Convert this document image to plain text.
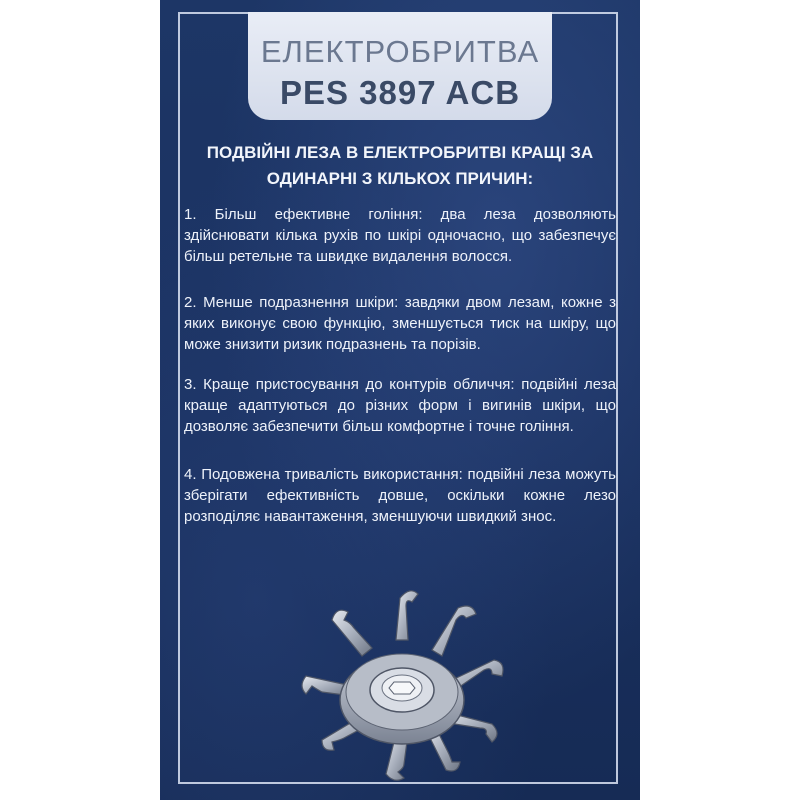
ЕЛЕКТРОБРИТВА
PES 3897 ACB
ПОДВІЙНІ ЛЕЗА В ЕЛЕКТРОБРИТВІ КРАЩІ ЗА ОДИНАРНІ З КІЛЬКОХ ПРИЧИН:
1. Більш ефективне гоління: два леза дозволяють здійснювати кілька рухів по шкірі одночасно, що забезпечує більш ретельне та швидке видалення волосся.
2. Менше подразнення шкіри: завдяки двом лезам, кожне з яких виконує свою функцію, зменшується тиск на шкіру, що може знизити ризик подразнень та порізів.
3. Краще пристосування до контурів обличчя: подвійні леза краще адаптуються до різних форм і вигинів шкіри, що дозволяє забезпечити більш комфортне і точне гоління.
4. Подовжена тривалість використання: подвійні леза можуть зберігати ефективність довше, оскільки кожне лезо розподіляє навантаження, зменшуючи швидкий знос.
